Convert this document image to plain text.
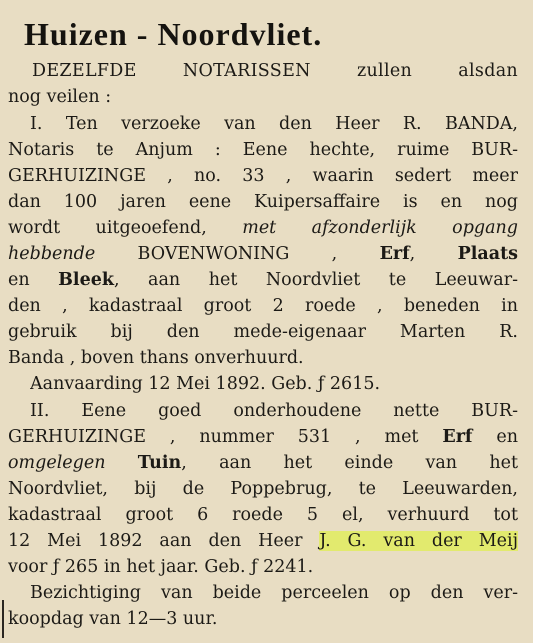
Huizen - Noordvliet.
DEZELFDE NOTARISSEN zullen alsdan
nog veilen :
I. Ten verzoeke van den Heer R. BANDA,
Notaris te Anjum : Eene hechte, ruime BUR-
GERHUIZINGE , no. 33 , waarin sedert meer
dan 100 jaren eene Kuipersaffaire is en nog
wordt uitgeoefend, met afzonderlijk opgang
hebbende BOVENWONING , Erf, Plaats
en Bleek, aan het Noordvliet te Leeuwar-
den , kadastraal groot 2 roede , beneden in
gebruik bij den mede-eigenaar Marten R.
Banda , boven thans onverhuurd.
Aanvaarding 12 Mei 1892. Geb. ƒ 2615.
II. Eene goed onderhoudene nette BUR-
GERHUIZINGE , nummer 531 , met Erf en
omgelegen Tuin, aan het einde van het
Noordvliet, bij de Poppebrug, te Leeuwarden,
kadastraal groot 6 roede 5 el, verhuurd tot
12 Mei 1892 aan den Heer J. G. van der Meij
voor ƒ 265 in het jaar. Geb. ƒ 2241.
Bezichtiging van beide perceelen op den ver-
koopdag van 12—3 uur.
